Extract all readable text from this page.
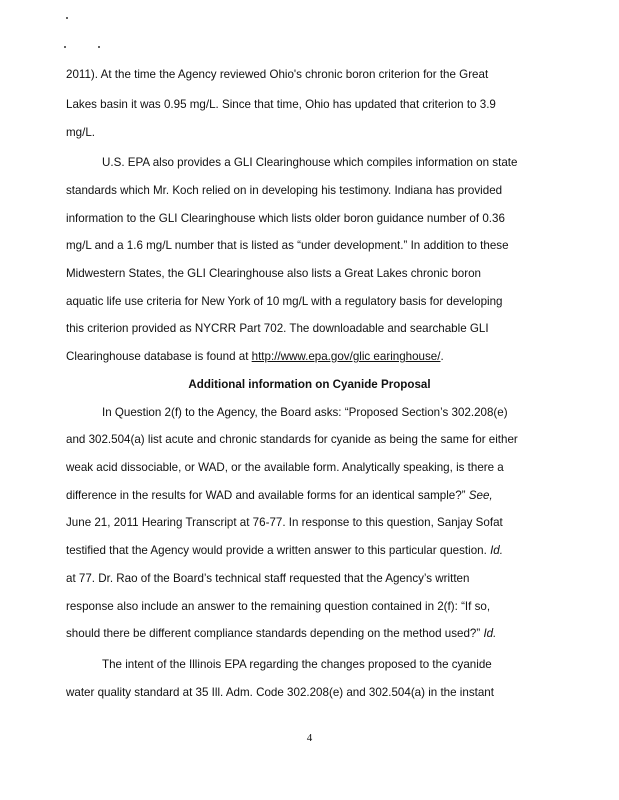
2011). At the time the Agency reviewed Ohio's chronic boron criterion for the Great
Lakes basin it was 0.95 mg/L. Since that time, Ohio has updated that criterion to 3.9
mg/L.
U.S. EPA also provides a GLI Clearinghouse which compiles information on state
standards which Mr. Koch relied on in developing his testimony. Indiana has provided
information to the GLI Clearinghouse which lists older boron guidance number of 0.36
mg/L and a 1.6 mg/L number that is listed as “under development.” In addition to these
Midwestern States, the GLI Clearinghouse also lists a Great Lakes chronic boron
aquatic life use criteria for New York of 10 mg/L with a regulatory basis for developing
this criterion provided as NYCRR Part 702. The downloadable and searchable GLI
Clearinghouse database is found at http://www.epa.gov/glic earinghouse/.
Additional information on Cyanide Proposal
In Question 2(f) to the Agency, the Board asks: “Proposed Section’s 302.208(e)
and 302.504(a) list acute and chronic standards for cyanide as being the same for either
weak acid dissociable, or WAD, or the available form. Analytically speaking, is there a
difference in the results for WAD and available forms for an identical sample?” See,
June 21, 2011 Hearing Transcript at 76-77. In response to this question, Sanjay Sofat
testified that the Agency would provide a written answer to this particular question. Id.
at 77. Dr. Rao of the Board’s technical staff requested that the Agency’s written
response also include an answer to the remaining question contained in 2(f): “If so,
should there be different compliance standards depending on the method used?” Id.
The intent of the Illinois EPA regarding the changes proposed to the cyanide
water quality standard at 35 Ill. Adm. Code 302.208(e) and 302.504(a) in the instant
4
